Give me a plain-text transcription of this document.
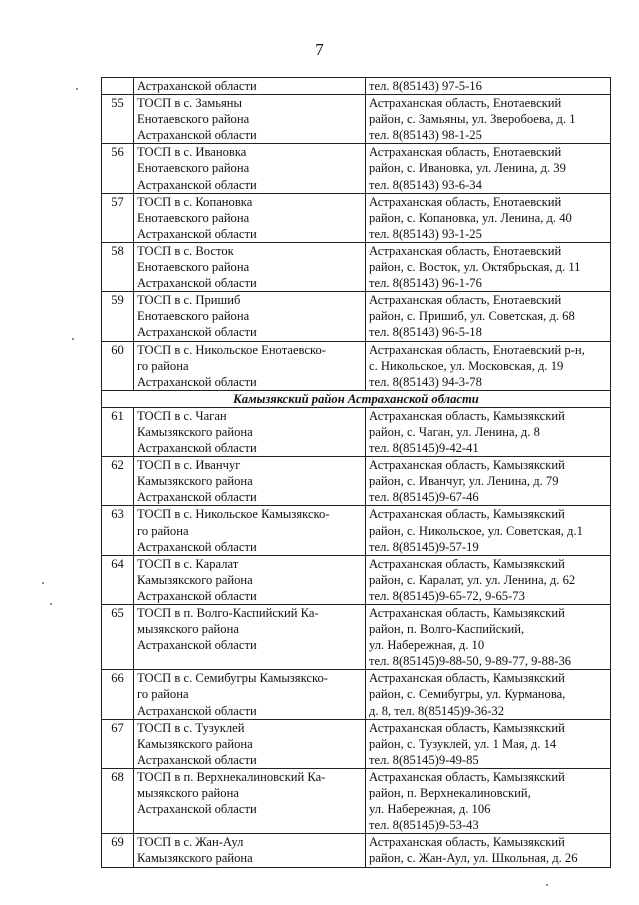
7

	Астраханской области	тел. 8(85143) 97-5-16

55	ТОСП в с. Замьяны
Енотаевского района
Астраханской области	Астраханская область, Енотаевский
район, с. Замьяны, ул. Зверобоева, д. 1
тел. 8(85143) 98-1-25

56	ТОСП в с. Ивановка
Енотаевского района
Астраханской области	Астраханская область, Енотаевский
район, с. Ивановка, ул. Ленина, д. 39
тел. 8(85143) 93-6-34

57	ТОСП в с. Копановка
Енотаевского района
Астраханской области	Астраханская область, Енотаевский
район, с. Копановка, ул. Ленина, д. 40
тел. 8(85143) 93-1-25

58	ТОСП в с. Восток
Енотаевского района
Астраханской области	Астраханская область, Енотаевский
район, с. Восток, ул. Октябрьская, д. 11
тел. 8(85143) 96-1-76

59	ТОСП в с. Пришиб
Енотаевского района
Астраханской области	Астраханская область, Енотаевский
район, с. Пришиб, ул. Советская, д. 68
тел. 8(85143) 96-5-18

60	ТОСП в с. Никольское Енотаевско-
го района
Астраханской области	Астраханская область, Енотаевский р-н,
с. Никольское, ул. Московская, д. 19
тел. 8(85143) 94-3-78

Камызякский район Астраханской области		
61	ТОСП в с. Чаган
Камызякского района
Астраханской области	Астраханская область, Камызякский
район, с. Чаган, ул. Ленина, д. 8
тел. 8(85145)9-42-41

62	ТОСП в с. Иванчуг
Камызякского района
Астраханской области	Астраханская область, Камызякский
район, с. Иванчуг, ул. Ленина, д. 79
тел. 8(85145)9-67-46

63	ТОСП в с. Никольское Камызякско-
го района
Астраханской области	Астраханская область, Камызякский
район, с. Никольское, ул. Советская, д.1
тел. 8(85145)9-57-19

64	ТОСП в с. Каралат
Камызякского района
Астраханской области	Астраханская область, Камызякский
район, с. Каралат, ул. ул. Ленина, д. 62
тел. 8(85145)9-65-72, 9-65-73

65	ТОСП в п. Волго-Каспийский Ка-
мызякского района
Астраханской области	Астраханская область, Камызякский
район, п. Волго-Каспийский,
ул. Набережная, д. 10
тел. 8(85145)9-88-50, 9-89-77, 9-88-36

66	ТОСП в с. Семибугры Камызякско-
го района
Астраханской области	Астраханская область, Камызякский
район, с. Семибугры, ул. Курманова,
д. 8, тел. 8(85145)9-36-32

67	ТОСП в с. Тузуклей
Камызякского района
Астраханской области	Астраханская область, Камызякский
район, с. Тузуклей, ул. 1 Мая, д. 14
тел. 8(85145)9-49-85

68	ТОСП в п. Верхнекалиновский Ка-
мызякского района
Астраханской области	Астраханская область, Камызякский
район, п. Верхнекалиновский,
ул. Набережная, д. 106
тел. 8(85145)9-53-43

69	ТОСП в с. Жан-Аул
Камызякского района	Астраханская область, Камызякский
район, с. Жан-Аул, ул. Школьная, д. 26
